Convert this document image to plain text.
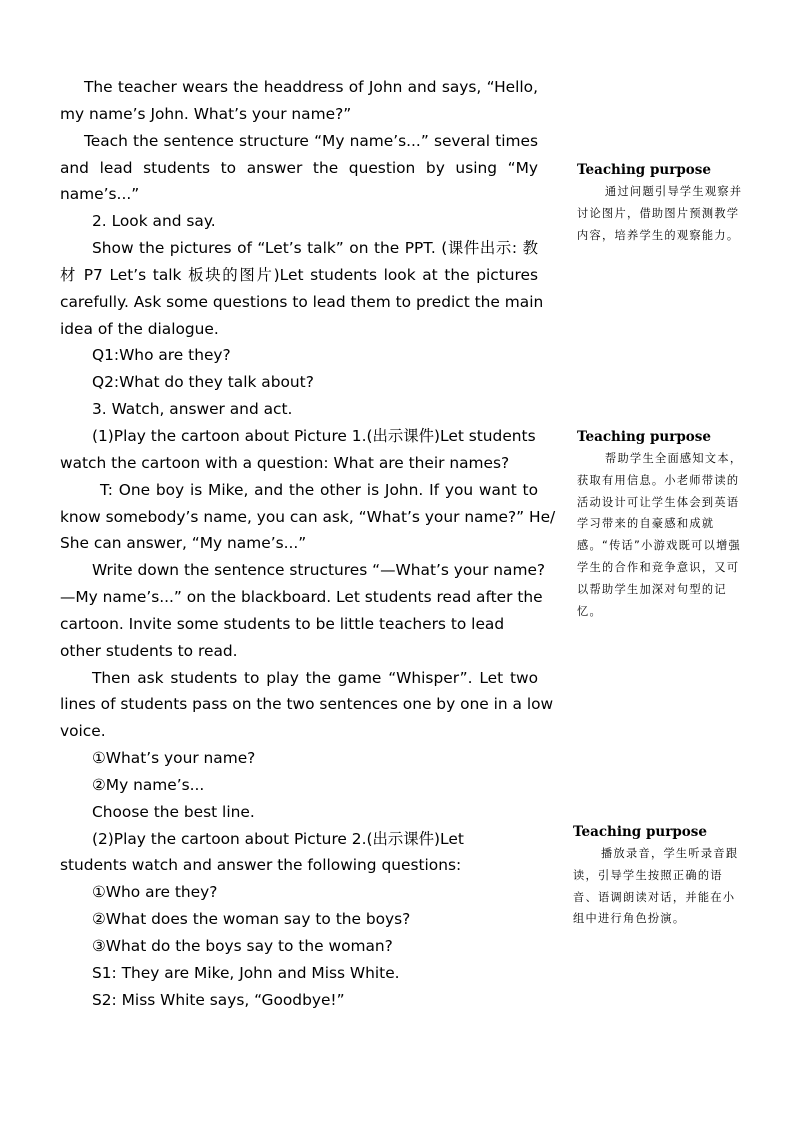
The teacher wears the headdress of John and says, “Hello,

my name’s John. What’s your name?”

Teach the sentence structure “My name’s...” several times

and lead students to answer the question by using “My

name’s...”

2. Look and say.

Show the pictures of “Let’s talk” on the PPT. (课件出示: 教

材 P7 Let’s talk 板块的图片)Let students look at the pictures

carefully. Ask some questions to lead them to predict the main

idea of the dialogue.

Q1:Who are they?

Q2:What do they talk about?

3. Watch, answer and act.

(1)Play the cartoon about Picture 1.(出示课件)Let students

watch the cartoon with a question: What are their names?

T: One boy is Mike, and the other is John. If you want to

know somebody’s name, you can ask, “What’s your name?” He/

She can answer, “My name’s...”

Write down the sentence structures “—What’s your name?

—My name’s...” on the blackboard. Let students read after the

cartoon. Invite some students to be little teachers to lead

other students to read.

Then ask students to play the game “Whisper”. Let two

lines of students pass on the two sentences one by one in a low

voice.

①What’s your name?

②My name’s...

Choose the best line.

(2)Play the cartoon about Picture 2.(出示课件)Let

students watch and answer the following questions:

①Who are they?

②What does the woman say to the boys?

③What do the boys say to the woman?

S1: They are Mike, John and Miss White.

S2: Miss White says, “Goodbye!”

Teaching purpose

通过问题引导学生观察并讨论图片，借助图片预测教学内容，培养学生的观察能力。

Teaching purpose

帮助学生全面感知文本，获取有用信息。小老师带读的活动设计可让学生体会到英语学习带来的自豪感和成就感。“传话”小游戏既可以增强学生的合作和竞争意识，又可以帮助学生加深对句型的记忆。

Teaching purpose

播放录音，学生听录音跟读，引导学生按照正确的语音、语调朗读对话，并能在小组中进行角色扮演。
